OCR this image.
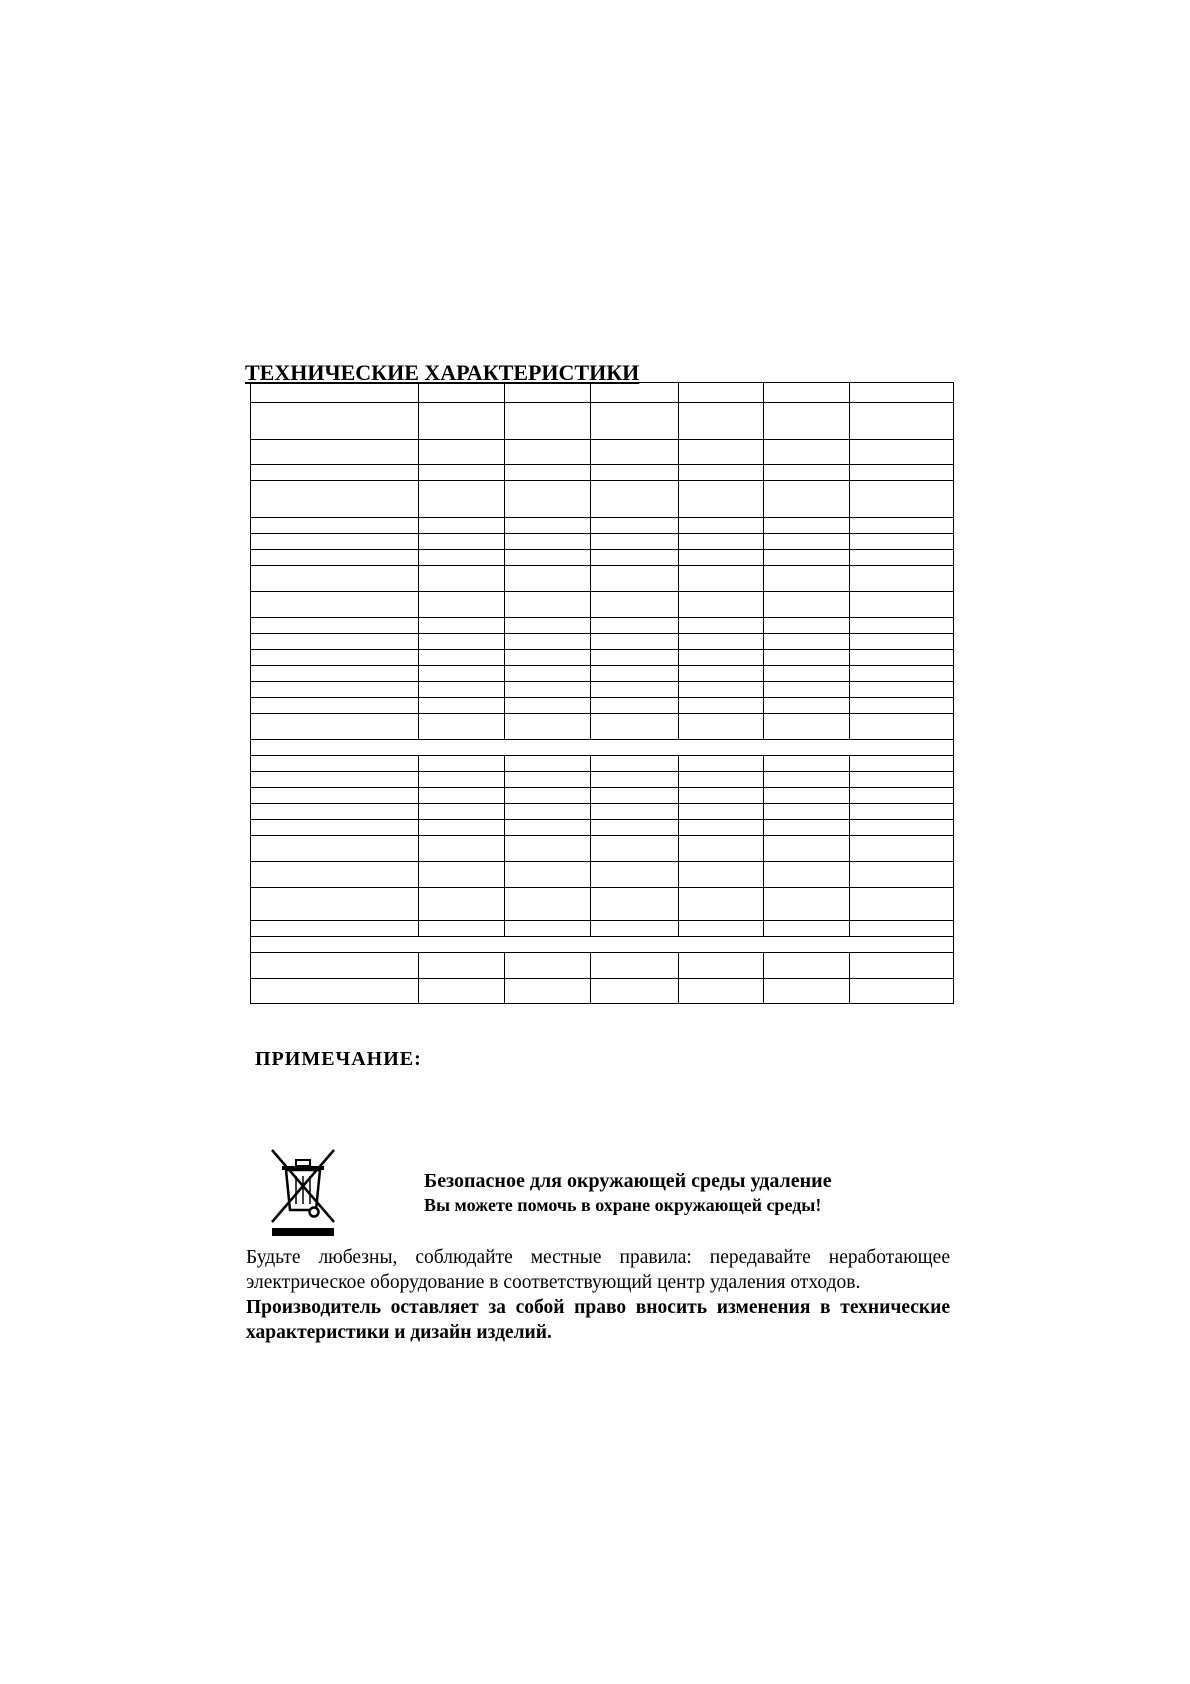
ТЕХНИЧЕСКИЕ ХАРАКТЕРИСТИКИ
ПРИМЕЧАНИЕ:

Безопасное для окружающей среды удаление

Вы можете помочь в охране окружающей среды!

Будьте любезны, соблюдайте местные правила: передавайте неработающее электрическое оборудование в соответствующий центр удаления отходов.

Производитель оставляет за собой право вносить изменения в технические характеристики и дизайн изделий.
